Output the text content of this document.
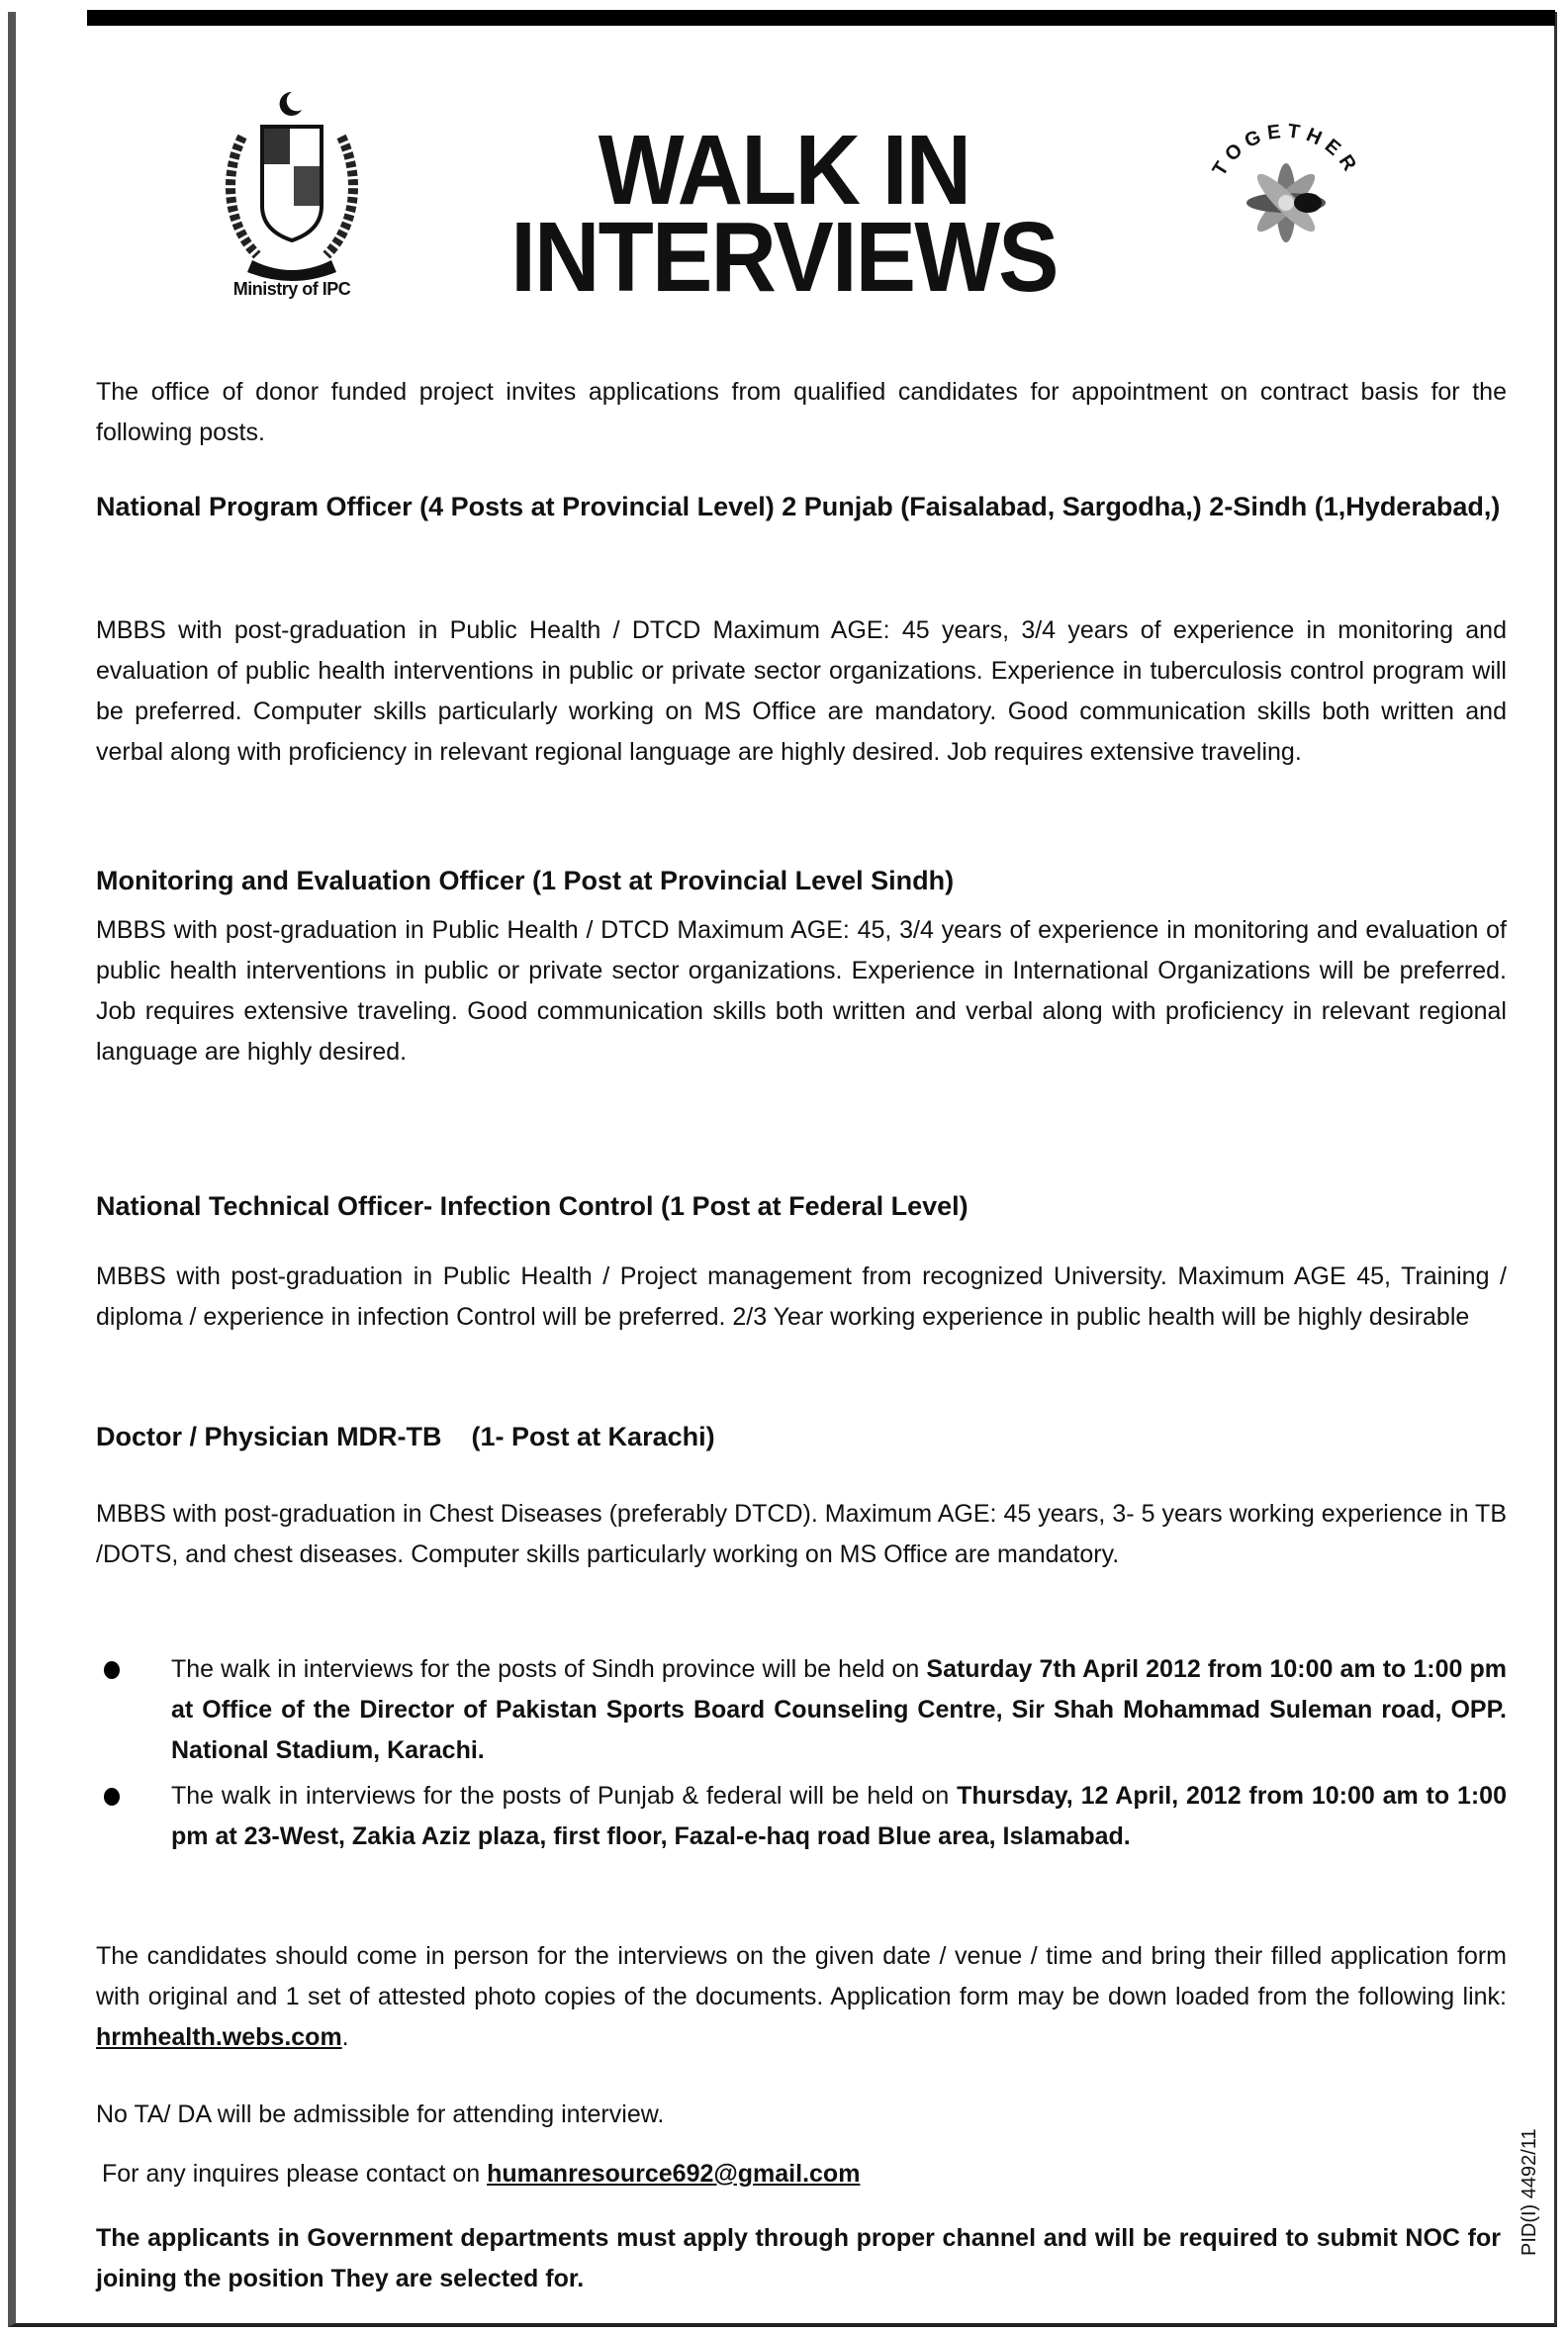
Ministry of IPC
WALK IN
INTERVIEWS
TOGETHER
The office of donor funded project invites applications from qualified candidates for appointment on contract basis for the following posts.
National Program Officer (4 Posts at Provincial Level) 2 Punjab (Faisalabad, Sargodha,) 2-Sindh (1,Hyderabad,)
MBBS with post-graduation in Public Health / DTCD Maximum AGE: 45 years, 3/4 years of experience in monitoring and evaluation of public health interventions in public or private sector organizations. Experience in tuberculosis control program will be preferred. Computer skills particularly working on MS Office are mandatory. Good communication skills both written and verbal along with proficiency in relevant regional language are highly desired. Job requires extensive traveling.
Monitoring and Evaluation Officer (1 Post at Provincial Level Sindh)
MBBS with post-graduation in Public Health / DTCD Maximum AGE: 45, 3/4 years of experience in monitoring and evaluation of public health interventions in public or private sector organizations. Experience in International Organizations will be preferred. Job requires extensive traveling. Good communication skills both written and verbal along with proficiency in relevant regional language are highly desired.
National Technical Officer- Infection Control (1 Post at Federal Level)
MBBS with post-graduation in Public Health / Project management from recognized University. Maximum AGE 45, Training / diploma / experience in infection Control will be preferred. 2/3 Year working experience in public health will be highly desirable
Doctor / Physician MDR-TB    (1- Post at Karachi)
MBBS with post-graduation in Chest Diseases (preferably DTCD). Maximum AGE: 45 years, 3- 5 years working experience in TB /DOTS, and chest diseases. Computer skills particularly working on MS Office are mandatory.
The walk in interviews for the posts of Sindh province will be held on Saturday 7th April 2012 from 10:00 am to 1:00 pm at Office of the Director of Pakistan Sports Board Counseling Centre, Sir Shah Mohammad Suleman road, OPP. National Stadium, Karachi.
The walk in interviews for the posts of Punjab & federal will be held on Thursday, 12 April, 2012 from 10:00 am to 1:00 pm at 23-West, Zakia Aziz plaza, first floor, Fazal-e-haq road Blue area, Islamabad.
The candidates should come in person for the interviews on the given date / venue / time and bring their filled application form with original and 1 set of attested photo copies of the documents. Application form may be down loaded from the following link: hrmhealth.webs.com.
No TA/ DA will be admissible for attending interview.
For any inquires please contact on humanresource692@gmail.com
The applicants in Government departments must apply through proper channel and will be required to submit NOC for joining the position They are selected for.
PID(I) 4492/11
